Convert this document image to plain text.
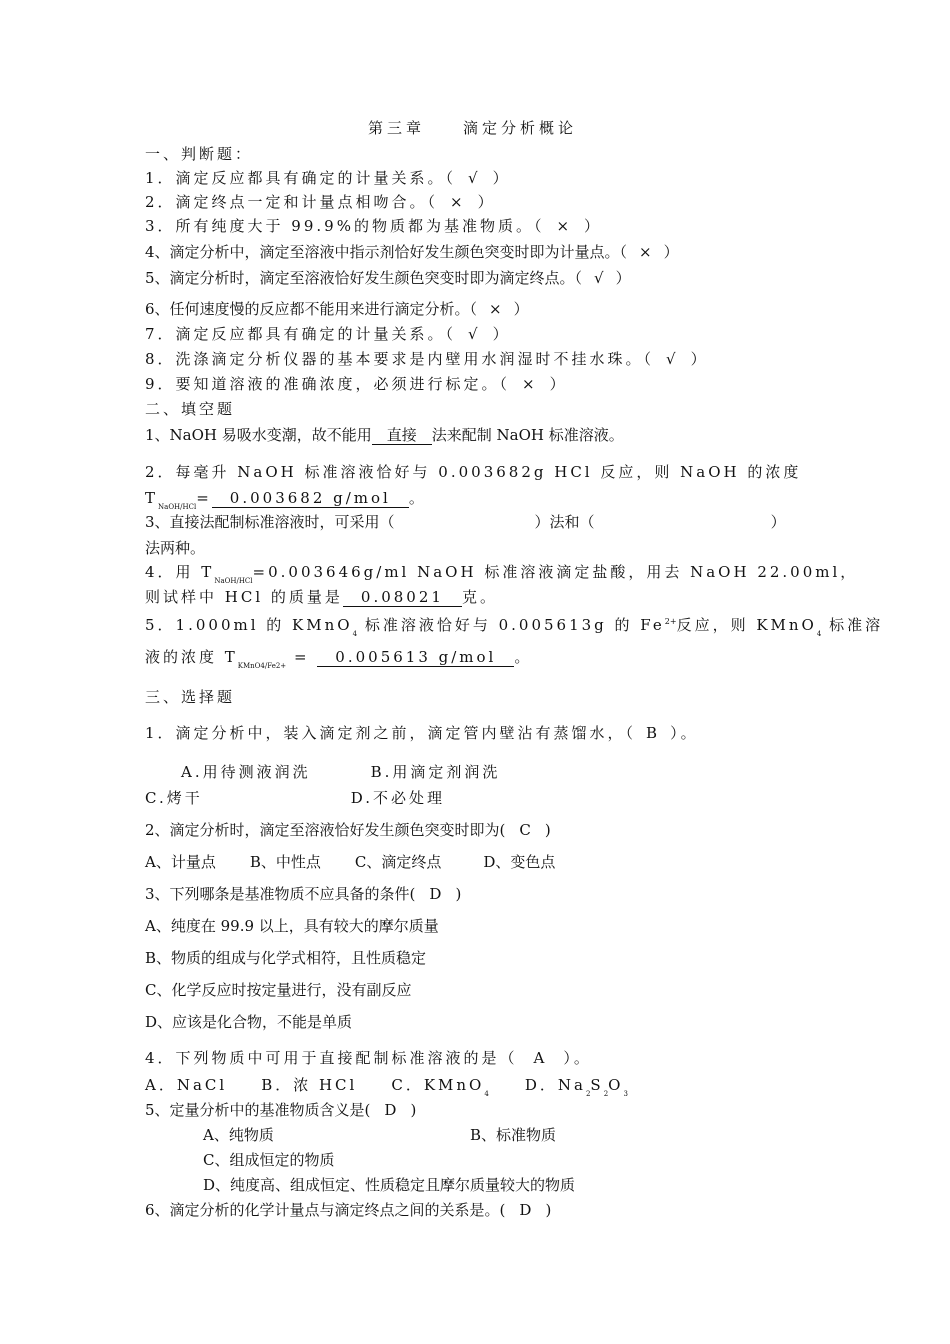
第三章　　滴定分析概论
一、判断题：
1．滴定反应都具有确定的计量关系。（ √ ）
2．滴定终点一定和计量点相吻合。（ × ）
3．所有纯度大于 99.9%的物质都为基准物质。（ × ）
4、滴定分析中，滴定至溶液中指示剂恰好发生颜色突变时即为计量点。（ × ）
5、滴定分析时，滴定至溶液恰好发生颜色突变时即为滴定终点。（ √ ）
6、任何速度慢的反应都不能用来进行滴定分析。（ × ）
7．滴定反应都具有确定的计量关系。（ √ ）
8．洗涤滴定分析仪器的基本要求是内壁用水润湿时不挂水珠。（ √ ）
9．要知道溶液的准确浓度，必须进行标定。（ × ）
二、填空题
1、NaOH 易吸水变潮，故不能用　直接　法来配制 NaOH 标准溶液。
2．每毫升 NaOH 标准溶液恰好与 0.003682g HCl 反应，则 NaOH 的浓度
$T_{NaOH/HCl}=$　0.003682 g/mol　。
3、直接法配制标准溶液时，可采用（	）法和（	）
法两种。
4．用 $T_{NaOH/HCl}=0.003646g/ml$ NaOH 标准溶液滴定盐酸，用去 NaOH 22.00ml，
则试样中 HCl 的质量是　0.08021　克。
5．1.000ml 的 KMnO$_4$ 标准溶液恰好与 0.005613g 的 $Fe^{2+}$反应，则 KMnO$_4$ 标准溶
液的浓度 $T_{KMnO4/Fe2+}$ = 　0.005613 g/mol　。
三、选择题
1．滴定分析中，装入滴定剂之前，滴定管内壁沾有蒸馏水，（ B ）。
A.用待测液润洗	B.用滴定剂润洗
C.烤干	D.不必处理
2、滴定分析时，滴定至溶液恰好发生颜色突变时即为( C )
A、计量点 B、中性点 C、滴定终点	D、变色点
3、下列哪条是基准物质不应具备的条件( D )
A、纯度在 99.9 以上，具有较大的摩尔质量
B、物质的组成与化学式相符，且性质稳定
C、化学反应时按定量进行，没有副反应
D、应该是化合物，不能是单质
4．下列物质中可用于直接配制标准溶液的是（ A ）。
A．NaCl B．浓 HCl C．KMnO$_4$ D．$Na_2S_2O_3$
5、定量分析中的基准物质含义是( D )
A、纯物质	B、标准物质
C、组成恒定的物质
D、纯度高、组成恒定、性质稳定且摩尔质量较大的物质
6、滴定分析的化学计量点与滴定终点之间的关系是。( D )
